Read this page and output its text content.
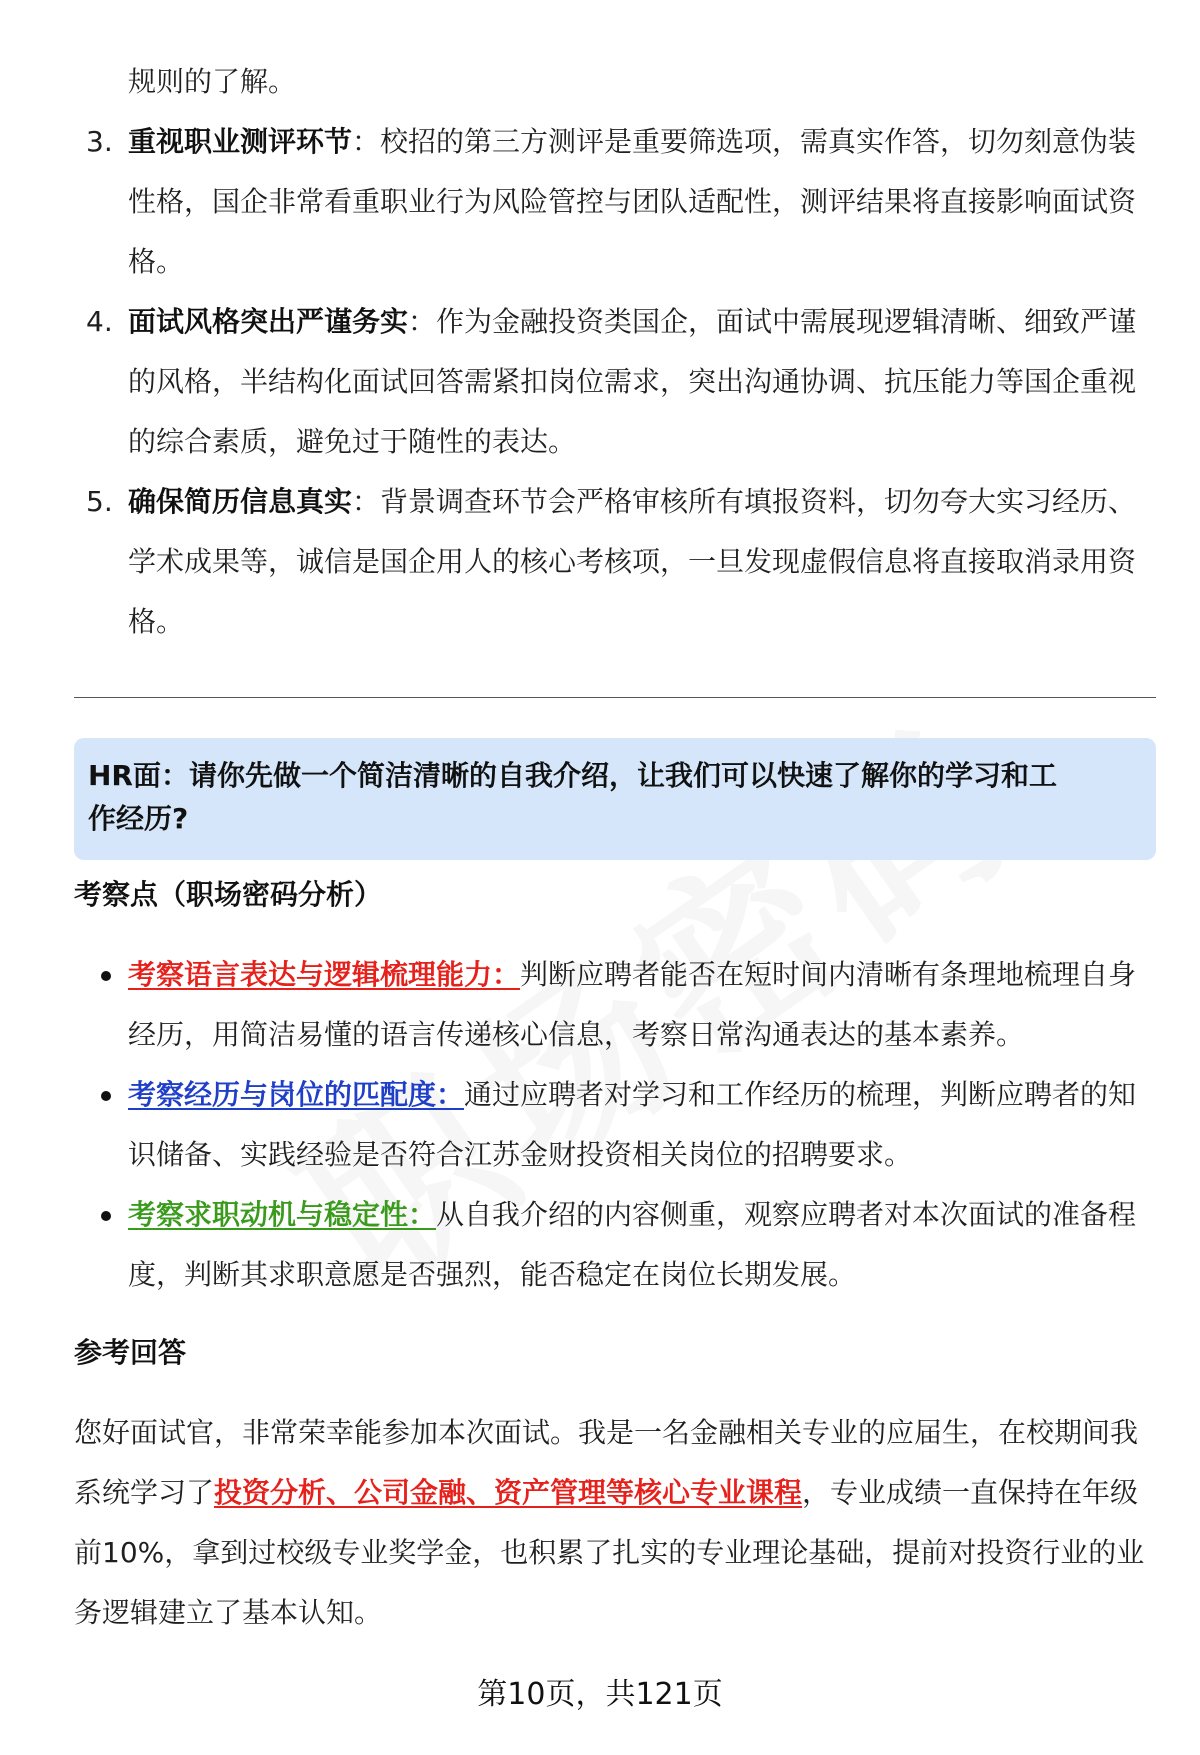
规则的了解。
3. 重视职业测评环节：校招的第三方测评是重要筛选项，需真实作答，切勿刻意伪装性格，国企非常看重职业行为风险管控与团队适配性，测评结果将直接影响面试资格。
4. 面试风格突出严谨务实：作为金融投资类国企，面试中需展现逻辑清晰、细致严谨的风格，半结构化面试回答需紧扣岗位需求，突出沟通协调、抗压能力等国企重视的综合素质，避免过于随性的表达。
5. 确保简历信息真实：背景调查环节会严格审核所有填报资料，切勿夸大实习经历、学术成果等，诚信是国企用人的核心考核项，一旦发现虚假信息将直接取消录用资格。
HR面：请你先做一个简洁清晰的自我介绍，让我们可以快速了解你的学习和工
作经历?
考察点（职场密码分析）
考察语言表达与逻辑梳理能力：判断应聘者能否在短时间内清晰有条理地梳理自身经历，用简洁易懂的语言传递核心信息，考察日常沟通表达的基本素养。
考察经历与岗位的匹配度：通过应聘者对学习和工作经历的梳理，判断应聘者的知识储备、实践经验是否符合江苏金财投资相关岗位的招聘要求。
考察求职动机与稳定性：从自我介绍的内容侧重，观察应聘者对本次面试的准备程度，判断其求职意愿是否强烈，能否稳定在岗位长期发展。
参考回答
您好面试官，非常荣幸能参加本次面试。我是一名金融相关专业的应届生，在校期间我系统学习了投资分析、公司金融、资产管理等核心专业课程，专业成绩一直保持在年级前10%，拿到过校级专业奖学金，也积累了扎实的专业理论基础，提前对投资行业的业务逻辑建立了基本认知。
第10页，共121页
